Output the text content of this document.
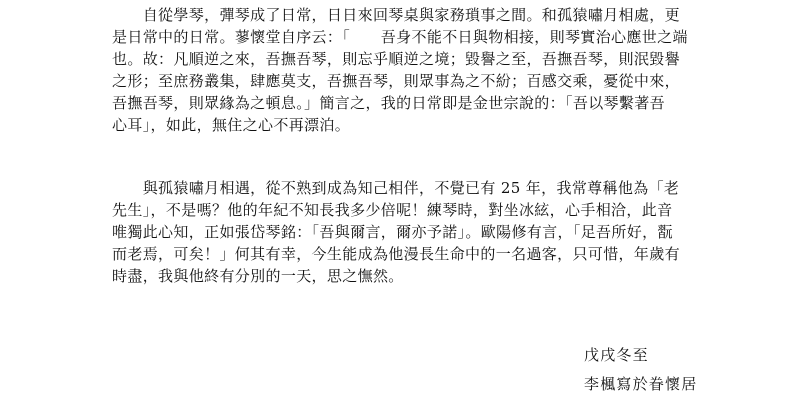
　　自從學琴，彈琴成了日常，日日來回琴桌與家務瑣事之間。和孤猿嘯月相處，更
是日常中的日常。蓼懷堂自序云：「　　吾身不能不日與物相接，則琴實治心應世之端
也。故：凡順逆之來，吾撫吾琴，則忘乎順逆之境；毀譽之至，吾撫吾琴，則泯毀譽
之形；至庶務叢集，肆應莫支，吾撫吾琴，則眾事為之不紛；百感交乘，憂從中來，
吾撫吾琴，則眾緣為之頓息。」簡言之，我的日常即是金世宗說的：「吾以琴繫著吾
心耳」，如此，無住之心不再漂泊。
　　與孤猿嘯月相遇，從不熟到成為知己相伴，不覺已有 25 年，我常尊稱他為「老
先生」，不是嗎？他的年紀不知長我多少倍呢！練琴時，對坐冰絃，心手相洽，此音
唯獨此心知，正如張岱琴銘：「吾與爾言，爾亦予諾」。歐陽修有言，「足吾所好，翫
而老焉，可矣！」何其有幸，今生能成為他漫長生命中的一名過客，只可惜，年歲有
時盡，我與他終有分別的一天，思之憮然。
戊戌冬至
李楓寫於眷懷居
